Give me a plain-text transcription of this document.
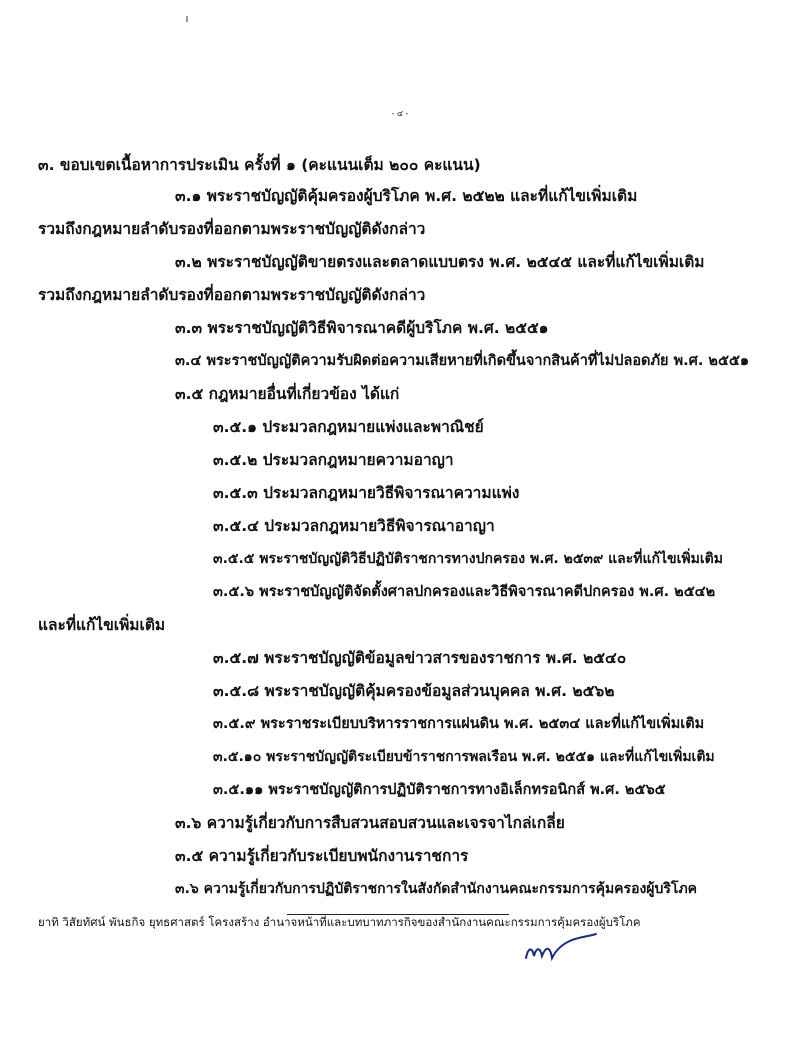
- ๔ -
๓. ขอบเขตเนื้อหาการประเมิน ครั้งที่ ๑ (คะแนนเต็ม ๒๐๐ คะแนน)
๓.๑ พระราชบัญญัติคุ้มครองผู้บริโภค พ.ศ. ๒๕๒๒ และที่แก้ไขเพิ่มเติม
รวมถึงกฎหมายลำดับรองที่ออกตามพระราชบัญญัติดังกล่าว
๓.๒ พระราชบัญญัติขายตรงและตลาดแบบตรง พ.ศ. ๒๕๔๕ และที่แก้ไขเพิ่มเติม
รวมถึงกฎหมายลำดับรองที่ออกตามพระราชบัญญัติดังกล่าว
๓.๓ พระราชบัญญัติวิธีพิจารณาคดีผู้บริโภค พ.ศ. ๒๕๕๑
๓.๔ พระราชบัญญัติความรับผิดต่อความเสียหายที่เกิดขึ้นจากสินค้าที่ไม่ปลอดภัย พ.ศ. ๒๕๕๑
๓.๕ กฎหมายอื่นที่เกี่ยวข้อง ได้แก่
๓.๕.๑ ประมวลกฎหมายแพ่งและพาณิชย์
๓.๕.๒ ประมวลกฎหมายความอาญา
๓.๕.๓ ประมวลกฎหมายวิธีพิจารณาความแพ่ง
๓.๕.๔ ประมวลกฎหมายวิธีพิจารณาอาญา
๓.๕.๕ พระราชบัญญัติวิธีปฏิบัติราชการทางปกครอง พ.ศ. ๒๕๓๙ และที่แก้ไขเพิ่มเติม
๓.๕.๖ พระราชบัญญัติจัดตั้งศาลปกครองและวิธีพิจารณาคดีปกครอง พ.ศ. ๒๕๔๒
และที่แก้ไขเพิ่มเติม
๓.๕.๗ พระราชบัญญัติข้อมูลข่าวสารของราชการ พ.ศ. ๒๕๔๐
๓.๕.๘ พระราชบัญญัติคุ้มครองข้อมูลส่วนบุคคล พ.ศ. ๒๕๖๒
๓.๕.๙ พระราชระเบียบบริหารราชการแผ่นดิน พ.ศ. ๒๕๓๔ และที่แก้ไขเพิ่มเติม
๓.๕.๑๐ พระราชบัญญัติระเบียบข้าราชการพลเรือน พ.ศ. ๒๕๕๑ และที่แก้ไขเพิ่มเติม
๓.๕.๑๑ พระราชบัญญัติการปฏิบัติราชการทางอิเล็กทรอนิกส์ พ.ศ. ๒๕๖๕
๓.๖ ความรู้เกี่ยวกับการสืบสวนสอบสวนและเจรจาไกล่เกลี่ย
๓.๕ ความรู้เกี่ยวกับระเบียบพนักงานราชการ
๓.๖ ความรู้เกี่ยวกับการปฏิบัติราชการในสังกัดสำนักงานคณะกรรมการคุ้มครองผู้บริโภค
ยาทิ วิสัยทัศน์ พันธกิจ ยุทธศาสตร์ โครงสร้าง อำนาจหน้าที่และบทบาทภารกิจของสำนักงานคณะกรรมการคุ้มครองผู้บริโภค
